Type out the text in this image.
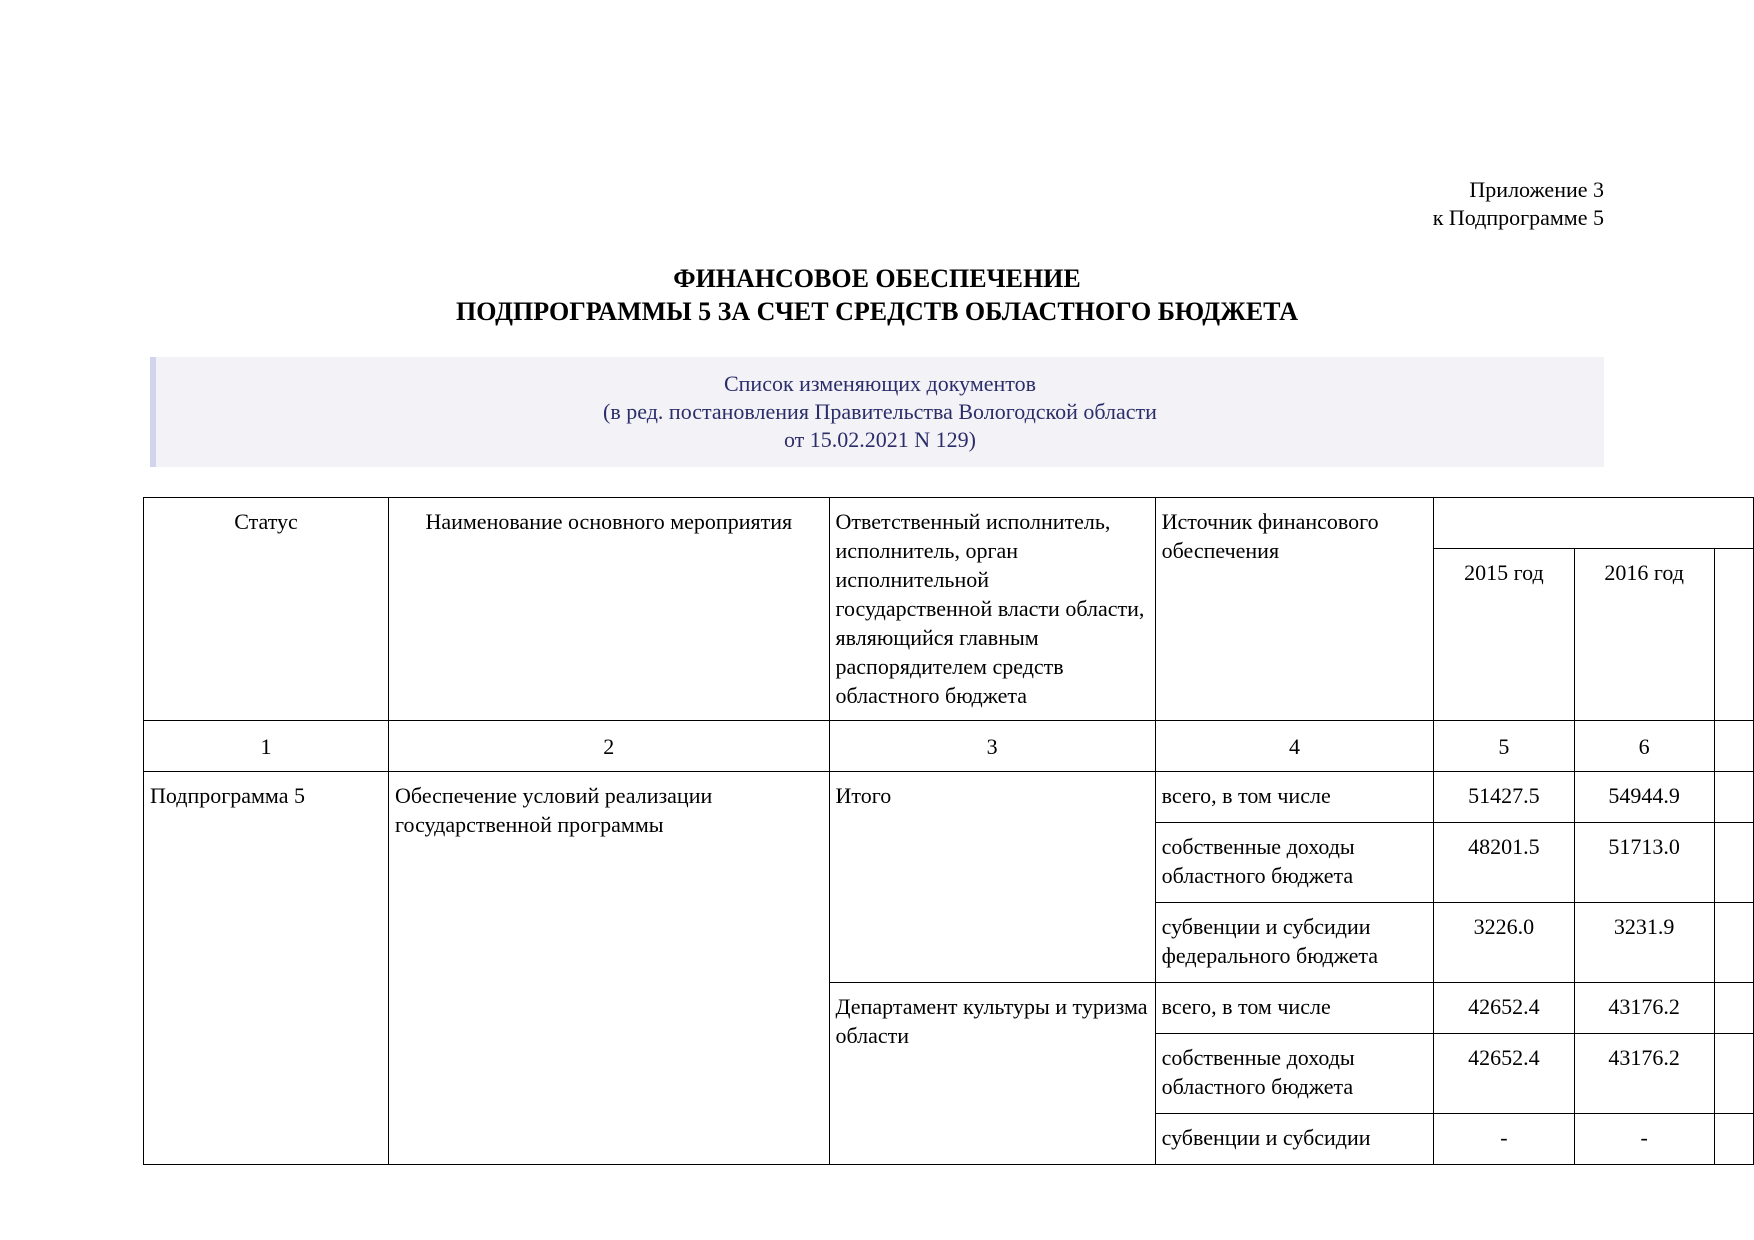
Приложение 3
к Подпрограмме 5
ФИНАНСОВОЕ ОБЕСПЕЧЕНИЕ
ПОДПРОГРАММЫ 5 ЗА СЧЕТ СРЕДСТВ ОБЛАСТНОГО БЮДЖЕТА
Список изменяющих документов
(в ред. постановления Правительства Вологодской области
от 15.02.2021 N 129)
Статус	Наименование основного мероприятия	Ответственный исполнитель, исполнитель, орган исполнительной государственной власти области, являющийся главным распорядителем средств областного бюджета	Источник финансового обеспечения			
				2015 год	2016 год	
1	2	3	4	5	6	
Подпрограмма 5	Обеспечение условий реализации государственной программы	Итого	всего, в том числе	51427.5	54944.9	
			собственные доходы областного бюджета	48201.5	51713.0	
			субвенции и субсидии федерального бюджета	3226.0	3231.9	
		Департамент культуры и туризма области	всего, в том числе	42652.4	43176.2	
			собственные доходы областного бюджета	42652.4	43176.2	
			субвенции и субсидии	-	-	
